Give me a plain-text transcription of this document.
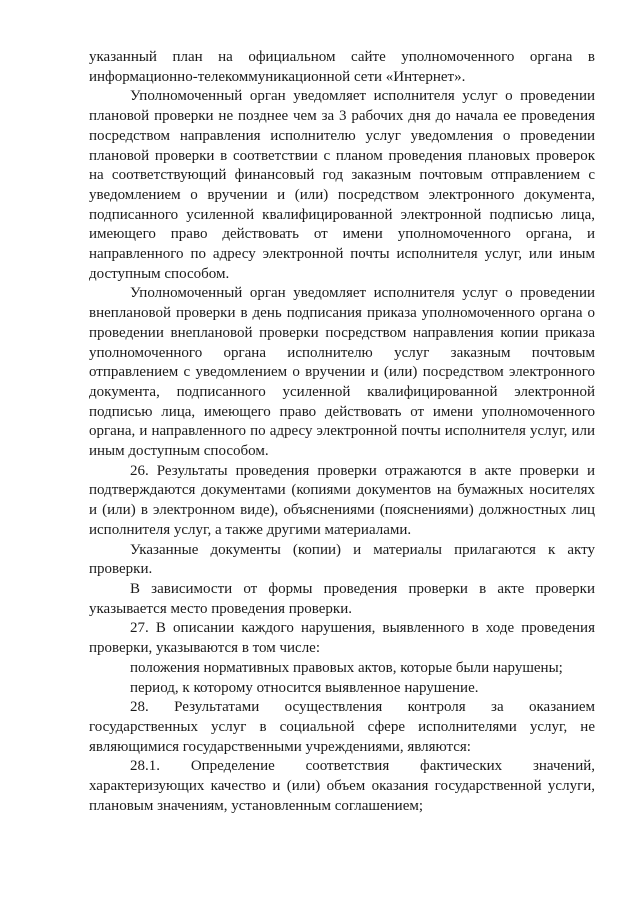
указанный план на официальном сайте уполномоченного органа в информационно-телекоммуникационной сети «Интернет».

Уполномоченный орган уведомляет исполнителя услуг о проведении плановой проверки не позднее чем за 3 рабочих дня до начала ее проведения посредством направления исполнителю услуг уведомления о проведении плановой проверки в соответствии с планом проведения плановых проверок на соответствующий финансовый год заказным почтовым отправлением с уведомлением о вручении и (или) посредством электронного документа, подписанного усиленной квалифицированной электронной подписью лица, имеющего право действовать от имени уполномоченного органа, и направленного по адресу электронной почты исполнителя услуг, или иным доступным способом.

Уполномоченный орган уведомляет исполнителя услуг о проведении внеплановой проверки в день подписания приказа уполномоченного органа о проведении внеплановой проверки посредством направления копии приказа уполномоченного органа исполнителю услуг заказным почтовым отправлением с уведомлением о вручении и (или) посредством электронного документа, подписанного усиленной квалифицированной электронной подписью лица, имеющего право действовать от имени уполномоченного органа, и направленного по адресу электронной почты исполнителя услуг, или иным доступным способом.

26. Результаты проведения проверки отражаются в акте проверки и подтверждаются документами (копиями документов на бумажных носителях и (или) в электронном виде), объяснениями (пояснениями) должностных лиц исполнителя услуг, а также другими материалами.

Указанные документы (копии) и материалы прилагаются к акту проверки.

В зависимости от формы проведения проверки в акте проверки указывается место проведения проверки.

27. В описании каждого нарушения, выявленного в ходе проведения проверки, указываются в том числе:

положения нормативных правовых актов, которые были нарушены;

период, к которому относится выявленное нарушение.

28. Результатами осуществления контроля за оказанием государственных услуг в социальной сфере исполнителями услуг, не являющимися государственными учреждениями, являются:

28.1. Определение соответствия фактических значений, характеризующих качество и (или) объем оказания государственной услуги, плановым значениям, установленным соглашением;
